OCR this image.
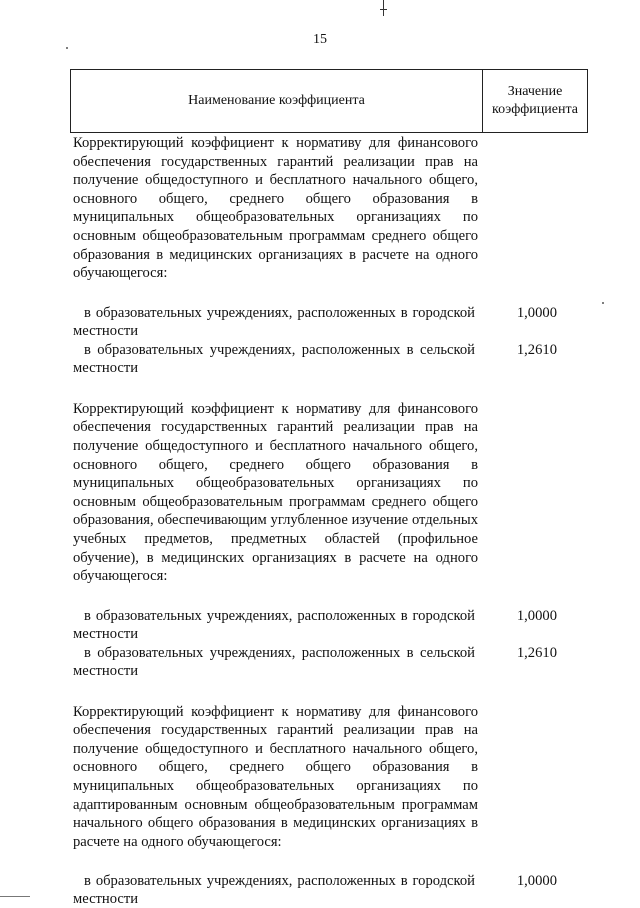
15
Наименование коэффициента
Значение
коэффициента

Корректирующий коэффициент к нормативу для финансового обеспечения государственных гарантий реализации прав на получение общедоступного и бесплатного начального общего, основного общего, среднего общего образования в муниципальных общеобразовательных организациях по основным общеобразовательным программам среднего общего образования в медицинских организациях в расчете на одного обучающегося:

в образовательных учреждениях, расположенных в городской местности

1,0000

в образовательных учреждениях, расположенных в сельской местности

1,2610

Корректирующий коэффициент к нормативу для финансового обеспечения государственных гарантий реализации прав на получение общедоступного и бесплатного начального общего, основного общего, среднего общего образования в муниципальных общеобразовательных организациях по основным общеобразовательным программам среднего общего образования, обеспечивающим углубленное изучение отдельных учебных предметов, предметных областей (профильное обучение), в медицинских организациях в расчете на одного обучающегося:

в образовательных учреждениях, расположенных в городской местности

1,0000

в образовательных учреждениях, расположенных в сельской местности

1,2610

Корректирующий коэффициент к нормативу для финансового обеспечения государственных гарантий реализации прав на получение общедоступного и бесплатного начального общего, основного общего, среднего общего образования в муниципальных общеобразовательных организациях по адаптированным основным общеобразовательным программам начального общего образования в медицинских организациях в расчете на одного обучающегося:

в образовательных учреждениях, расположенных в городской местности

1,0000
